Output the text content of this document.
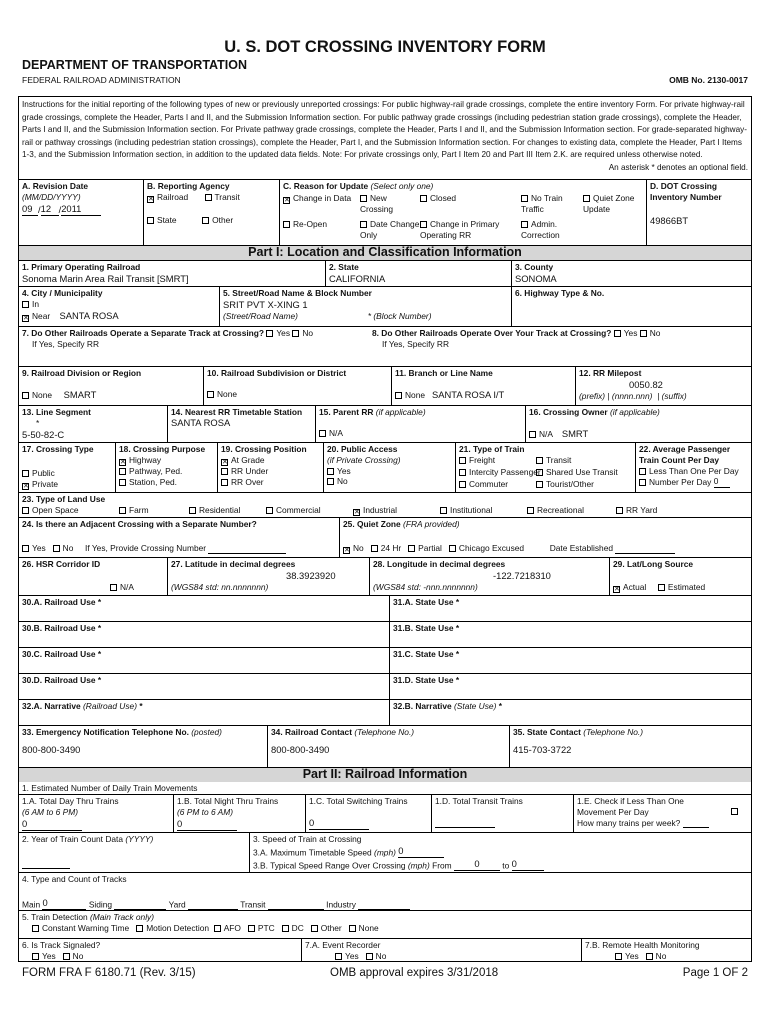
U. S. DOT CROSSING INVENTORY FORM
DEPARTMENT OF TRANSPORTATION
FEDERAL RAILROAD ADMINISTRATION	OMB No. 2130-0017
Instructions for the initial reporting of the following types of new or previously unreported crossings: For public highway-rail grade crossings, complete the entire inventory Form. For private highway-rail grade crossings, complete the Header, Parts I and II, and the Submission Information section. For public pathway grade crossings (including pedestrian station grade crossings), complete the Header, Parts I and II, and the Submission Information section. For Private pathway grade crossings, complete the Header, Parts I and II, and the Submission Information section. For grade-separated highway-rail or pathway crossings (including pedestrian station crossings), complete the Header, Part I, and the Submission Information section. For changes to existing data, complete the Header, Part I Items 1-3, and the Submission Information section, in addition to the updated data fields. Note: For private crossings only, Part I Item 20 and Part III Item 2.K. are required unless otherwise noted.
An asterisk * denotes an optional field.
A. Revision Date
(MM/DD/YYYY)
09 /12 /2011
B. Reporting Agency
✕ Railroad	Transit
State	Other
C. Reason for Update (Select only one)
✕ Change in Data	New Crossing
Closed	No Train Traffic
Quiet Zone Update
Re-Open	Date Change Only
Change in Primary Operating RR
Admin. Correction
D. DOT Crossing Inventory Number
49866BT
Part I: Location and Classification Information
1. Primary Operating Railroad
Sonoma Marin Area Rail Transit [SMRT]
2. State
CALIFORNIA
3. County
SONOMA
4. City / Municipality
In
✕ Near SANTA ROSA
5. Street/Road Name & Block Number
SRIT PVT X-XING 1
(Street/Road Name)	* (Block Number)
6. Highway Type & No.
7. Do Other Railroads Operate a Separate Track at Crossing? Yes No
If Yes, Specify RR
8. Do Other Railroads Operate Over Your Track at Crossing? Yes No
If Yes, Specify RR
9. Railroad Division or Region
None SMART
10. Railroad Subdivision or District
None
11. Branch or Line Name
None SANTA ROSA I/T
12. RR Milepost
0050.82
(prefix) | (nnnn.nnn)  | (suffix)
13. Line Segment
*
5-50-82-C
14. Nearest RR Timetable Station
SANTA ROSA
15. Parent RR (if applicable)
N/A
16. Crossing Owner (if applicable)
N/A SMRT
17. Crossing Type
Public
✕ Private
18. Crossing Purpose
✕ Highway
Pathway, Ped.
Station, Ped.
19. Crossing Position
✕ At Grade
RR Under
RR Over
20. Public Access
(if Private Crossing)
Yes
No
21. Type of Train
Freight
Intercity Passenger
Commuter
Transit
Shared Use Transit
Tourist/Other
22. Average Passenger Train Count Per Day
Less Than One Per Day
Number Per Day 0
23. Type of Land Use
Open Space	Farm	Residential	Commercial	✕ Industrial	Institutional	Recreational	RR Yard
24. Is there an Adjacent Crossing with a Separate Number?
Yes No If Yes, Provide Crossing Number
25. Quiet Zone (FRA provided)
✕ No 24 Hr Partial Chicago Excused	Date Established
26. HSR Corridor ID
N/A
27. Latitude in decimal degrees
38.3923920
(WGS84 std: nn.nnnnnnn)
28. Longitude in decimal degrees
-122.7218310
(WGS84 std: -nnn.nnnnnnn)
29. Lat/Long Source
✕ Actual	Estimated
30.A. Railroad Use *	31.A. State Use *
30.B. Railroad Use *	31.B. State Use *
30.C. Railroad Use *	31.C. State Use *
30.D. Railroad Use *	31.D. State Use *
32.A. Narrative (Railroad Use) *	32.B. Narrative (State Use) *
33. Emergency Notification Telephone No. (posted)
800-800-3490
34. Railroad Contact (Telephone No.)
800-800-3490
35. State Contact (Telephone No.)
415-703-3722
Part II: Railroad Information
1. Estimated Number of Daily Train Movements
1.A. Total Day Thru Trains
(6 AM to 6 PM)
0
1.B. Total Night Thru Trains
(6 PM to 6 AM)
0
1.C. Total Switching Trains
0
1.D. Total Transit Trains	1.E. Check if Less Than One Movement Per Day
How many trains per week?
2. Year of Train Count Data (YYYY)	3. Speed of Train at Crossing
3.A. Maximum Timetable Speed (mph) 0
3.B. Typical Speed Range Over Crossing (mph) From 0	to 0
4. Type and Count of Tracks
Main 0	Siding	Yard	Transit	Industry
5. Train Detection (Main Track only)
Constant Warning Time Motion Detection AFO PTC DC Other None
6. Is Track Signaled?
Yes No
7.A. Event Recorder
Yes No
7.B. Remote Health Monitoring
Yes No
FORM FRA F 6180.71 (Rev. 3/15)	OMB approval expires 3/31/2018	Page 1 OF 2
